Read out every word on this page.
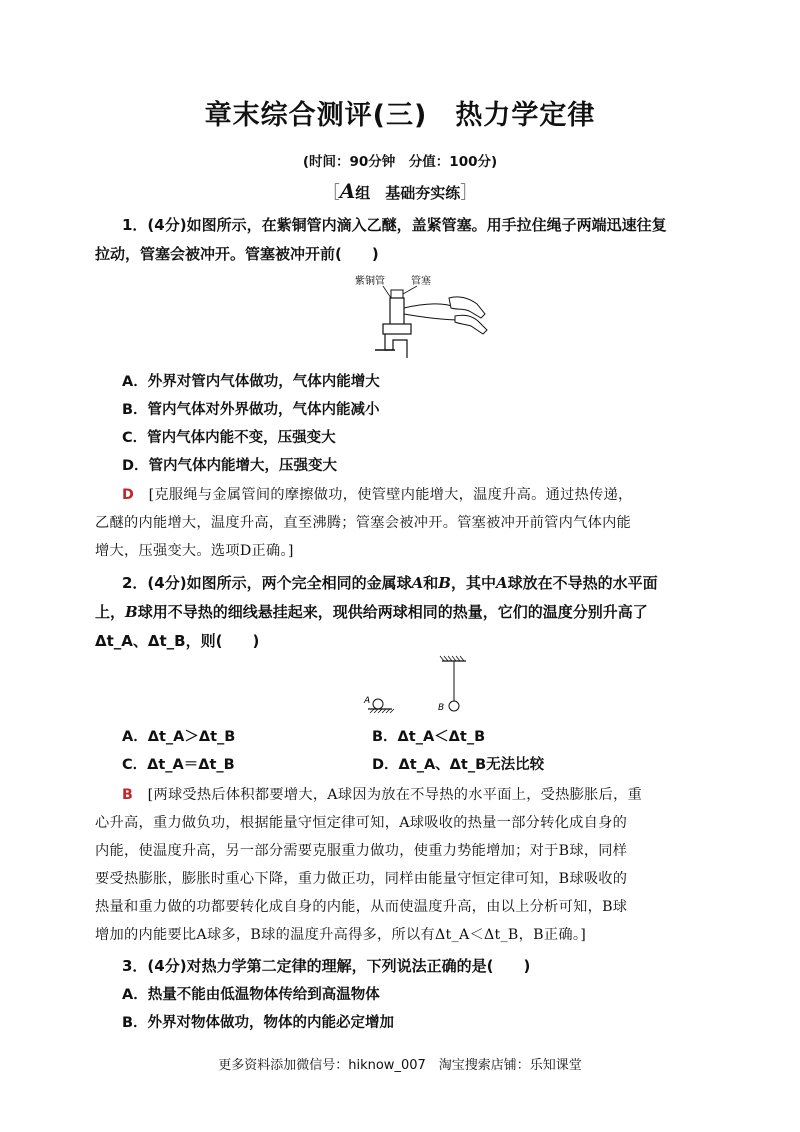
章末综合测评(三)　热力学定律
(时间：90分钟　分值：100分)
［A组　基础夯实练］
1．(4分)如图所示，在紫铜管内滴入乙醚，盖紧管塞。用手拉住绳子两端迅速往复
拉动，管塞会被冲开。管塞被冲开前(　　)
紫铜管	管塞
A．外界对管内气体做功，气体内能增大
B．管内气体对外界做功，气体内能减小
C．管内气体内能不变，压强变大
D．管内气体内能增大，压强变大
D　 [克服绳与金属管间的摩擦做功，使管壁内能增大，温度升高。通过热传递，
乙醚的内能增大，温度升高，直至沸腾；管塞会被冲开。管塞被冲开前管内气体内能
增大，压强变大。选项D正确。]
2．(4分)如图所示，两个完全相同的金属球A和B，其中A球放在不导热的水平面
上，B球用不导热的细线悬挂起来，现供给两球相同的热量，它们的温度分别升高了
Δt_A、Δt_B，则(　　)
B
A
A．Δt_A＞Δt_B	B．Δt_A＜Δt_B
C．Δt_A＝Δt_B	D．Δt_A、Δt_B无法比较
B　 [两球受热后体积都要增大，A球因为放在不导热的水平面上，受热膨胀后，重
心升高，重力做负功，根据能量守恒定律可知，A球吸收的热量一部分转化成自身的
内能，使温度升高，另一部分需要克服重力做功，使重力势能增加；对于B球，同样
要受热膨胀，膨胀时重心下降，重力做正功，同样由能量守恒定律可知，B球吸收的
热量和重力做的功都要转化成自身的内能，从而使温度升高，由以上分析可知，B球
增加的内能要比A球多，B球的温度升高得多，所以有Δt_A＜Δt_B，B正确。]
3．(4分)对热力学第二定律的理解，下列说法正确的是(　　)
A．热量不能由低温物体传给到高温物体
B．外界对物体做功，物体的内能必定增加
更多资料添加微信号：hiknow_007　淘宝搜索店铺：乐知课堂
